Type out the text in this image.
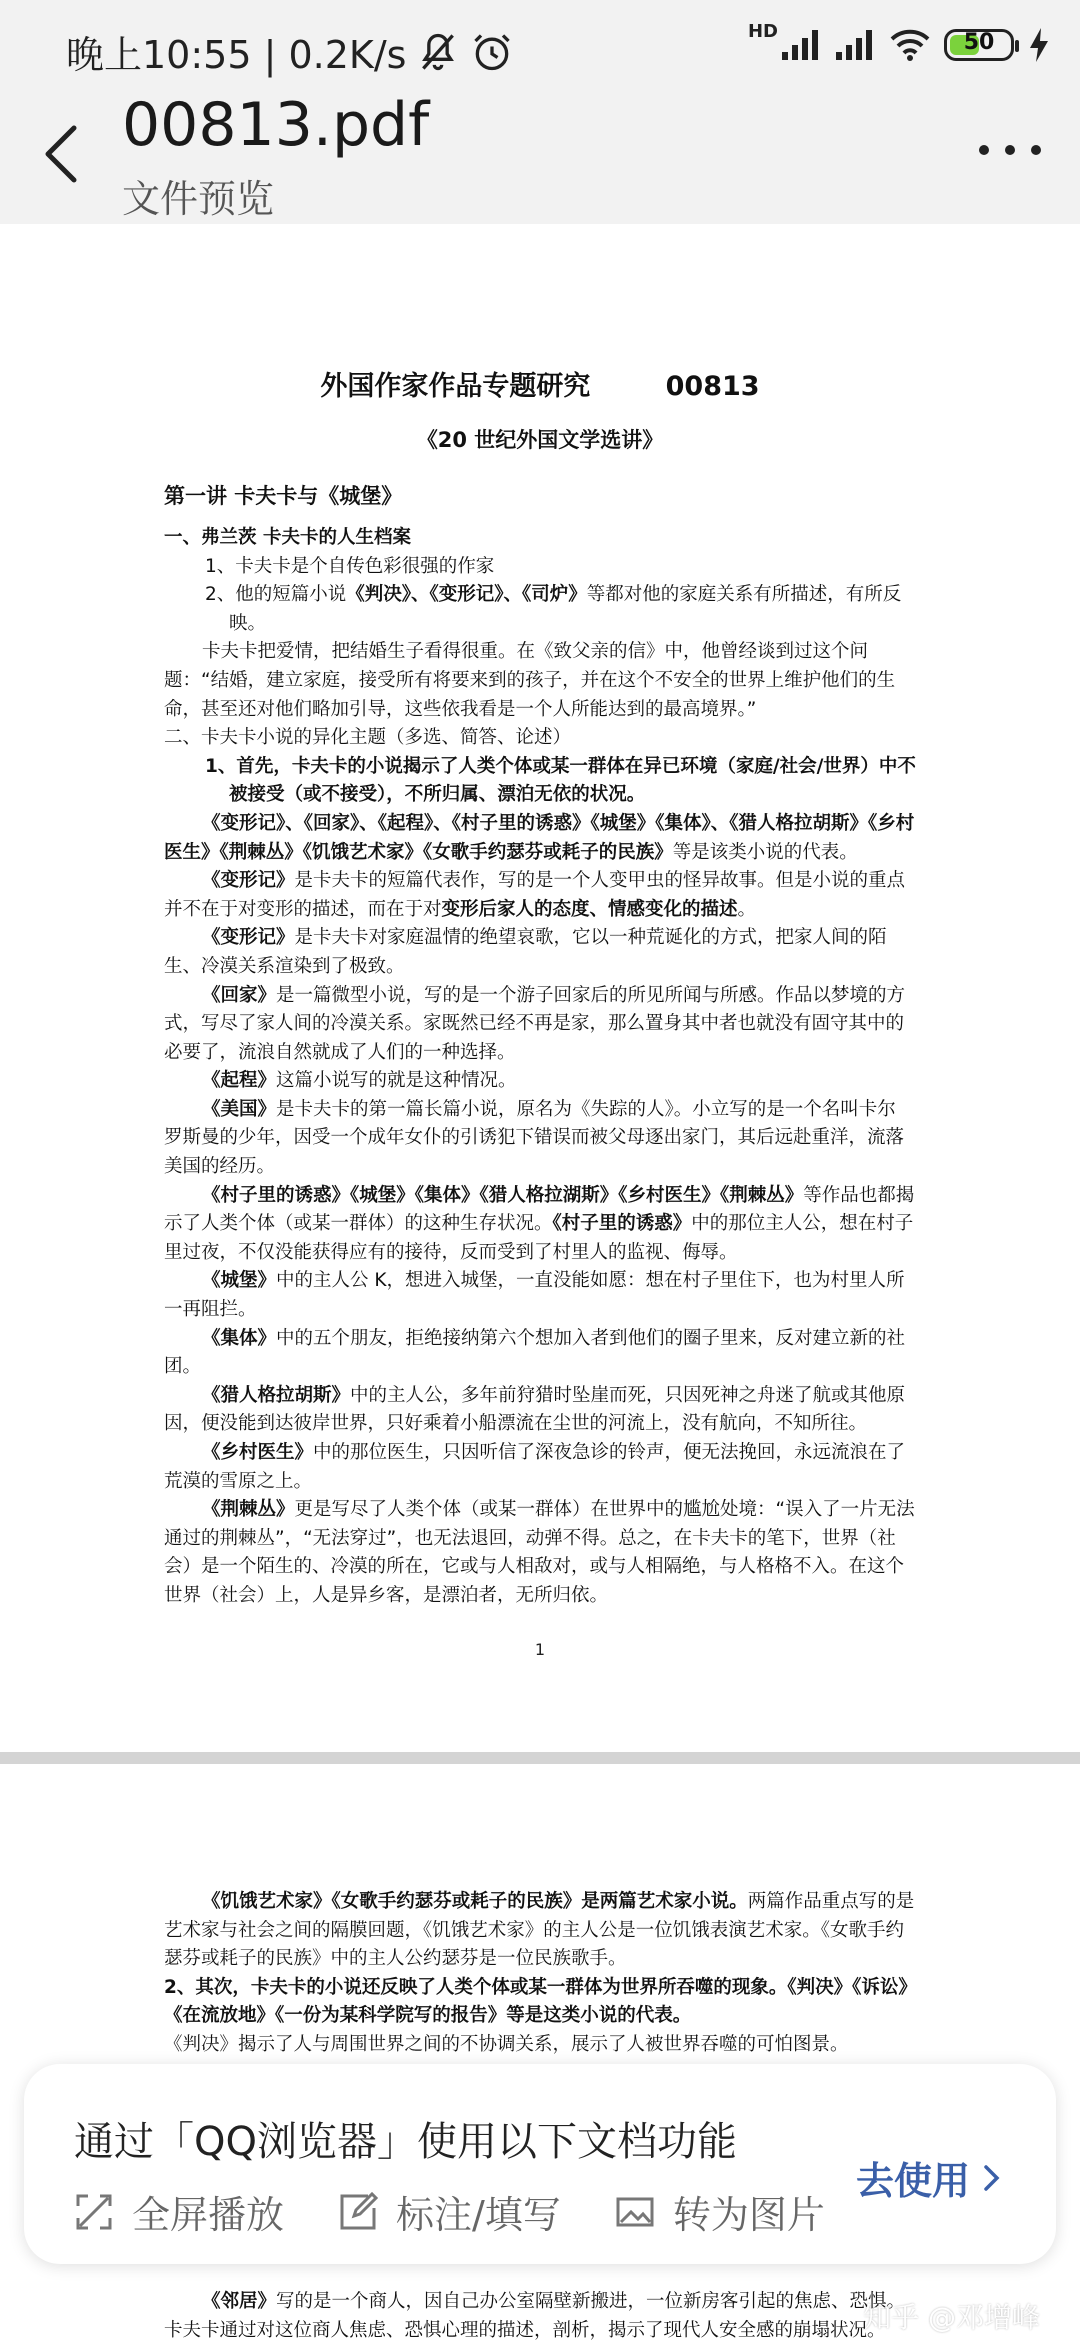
晚上10:55 | 0.2K/s
HD	50
00813.pdf
文件预览
外国作家作品专题研究        00813
《20 世纪外国文学选讲》

第一讲 卡夫卡与《城堡》

一、弗兰茨 卡夫卡的人生档案

1、卡夫卡是个自传色彩很强的作家

2、他的短篇小说《判决》、《变形记》、《司炉》等都对他的家庭关系有所描述，有所反映。

卡夫卡把爱情，把结婚生子看得很重。在《致父亲的信》中，他曾经谈到过这个问题：“结婚，建立家庭，接受所有将要来到的孩子，并在这个不安全的世界上维护他们的生命，甚至还对他们略加引导，这些依我看是一个人所能达到的最高境界。”

二、卡夫卡小说的异化主题（多选、简答、论述）

1、首先，卡夫卡的小说揭示了人类个体或某一群体在异已环境（家庭/社会/世界）中不被接受（或不接受），不所归属、漂泊无依的状况。

《变形记》、《回家》、《起程》、《村子里的诱惑》《城堡》《集体》、《猎人格拉胡斯》《乡村医生》《荆棘丛》《饥饿艺术家》《女歌手约瑟芬或耗子的民族》等是该类小说的代表。

《变形记》是卡夫卡的短篇代表作，写的是一个人变甲虫的怪异故事。但是小说的重点并不在于对变形的描述，而在于对变形后家人的态度、情感变化的描述。

《变形记》是卡夫卡对家庭温情的绝望哀歌，它以一种荒诞化的方式，把家人间的陌生、冷漠关系渲染到了极致。

《回家》是一篇微型小说，写的是一个游子回家后的所见所闻与所感。作品以梦境的方式，写尽了家人间的冷漠关系。家既然已经不再是家，那么置身其中者也就没有固守其中的必要了，流浪自然就成了人们的一种选择。

《起程》这篇小说写的就是这种情况。

《美国》是卡夫卡的第一篇长篇小说，原名为《失踪的人》。小立写的是一个名叫卡尔 罗斯曼的少年，因受一个成年女仆的引诱犯下错误而被父母逐出家门，其后远赴重洋，流落美国的经历。

《村子里的诱惑》《城堡》《集体》《猎人格拉湖斯》《乡村医生》《荆棘丛》等作品也都揭示了人类个体（或某一群体）的这种生存状况。《村子里的诱惑》中的那位主人公，想在村子里过夜，不仅没能获得应有的接待，反而受到了村里人的监视、侮辱。

《城堡》中的主人公 K，想进入城堡，一直没能如愿：想在村子里住下，也为村里人所一再阻拦。

《集体》中的五个朋友，拒绝接纳第六个想加入者到他们的圈子里来，反对建立新的社团。

《猎人格拉胡斯》中的主人公，多年前狩猎时坠崖而死，只因死神之舟迷了航或其他原因，便没能到达彼岸世界，只好乘着小船漂流在尘世的河流上，没有航向，不知所往。

《乡村医生》中的那位医生，只因听信了深夜急诊的铃声，便无法挽回，永远流浪在了荒漠的雪原之上。

《荆棘丛》更是写尽了人类个体（或某一群体）在世界中的尴尬处境：“误入了一片无法通过的荆棘丛”，“无法穿过”，也无法退回，动弹不得。总之，在卡夫卡的笔下，世界（社会）是一个陌生的、冷漠的所在，它或与人相敌对，或与人相隔绝，与人格格不入。在这个世界（社会）上，人是异乡客，是漂泊者，无所归依。

1

《饥饿艺术家》《女歌手约瑟芬或耗子的民族》是两篇艺术家小说。两篇作品重点写的是艺术家与社会之间的隔膜回题，《饥饿艺术家》的主人公是一位饥饿表演艺术家。《女歌手约瑟芬或耗子的民族》中的主人公约瑟芬是一位民族歌手。

2、其次，卡夫卡的小说还反映了人类个体或某一群体为世界所吞噬的现象。《判决》《诉讼》《在流放地》《一份为某科学院写的报告》等是这类小说的代表。

《判决》揭示了人与周围世界之间的不协调关系，展示了人被世界吞噬的可怕图景。

《邻居》写的是一个商人，因自己办公室隔壁新搬进，一位新房客引起的焦虑、恐惧。卡夫卡通过对这位商人焦虑、恐惧心理的描述，剖析，揭示了现代人安全感的崩塌状况。

通过「QQ浏览器」使用以下文档功能
全屏播放	标注/填写	转为图片
去使用
知乎 @邓增峰
